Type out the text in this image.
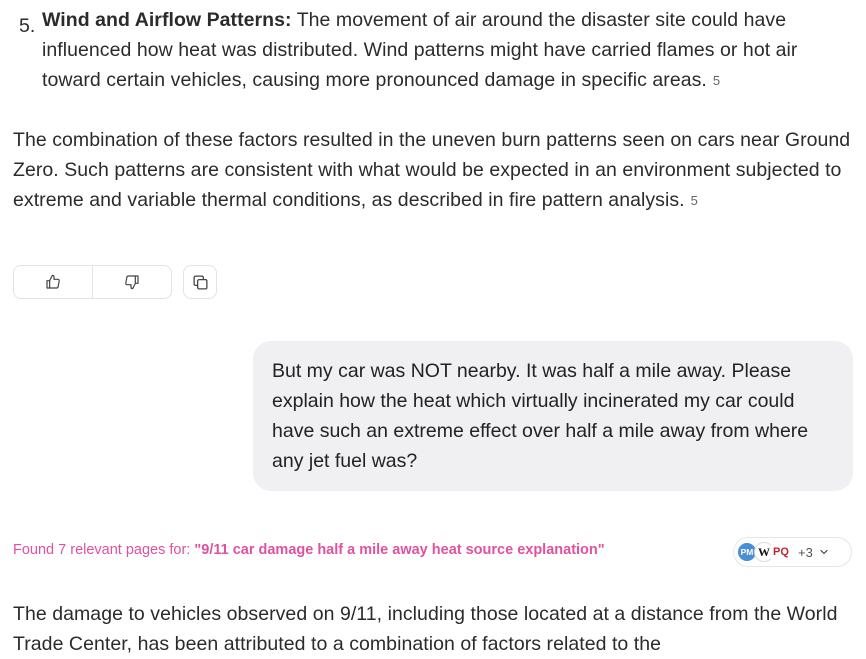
5. Wind and Airflow Patterns: The movement of air around the disaster site could have influenced how heat was distributed. Wind patterns might have carried flames or hot air toward certain vehicles, causing more pronounced damage in specific areas. 5
The combination of these factors resulted in the uneven burn patterns seen on cars near Ground Zero. Such patterns are consistent with what would be expected in an environment subjected to extreme and variable thermal conditions, as described in fire pattern analysis. 5

But my car was NOT nearby. It was half a mile away. Please explain how the heat which virtually incinerated my car could have such an extreme effect over half a mile away from where any jet fuel was?

Found 7 relevant pages for: "9/11 car damage half a mile away heat source explanation"	PM W PQ +3
The damage to vehicles observed on 9/11, including those located at a distance from the World Trade Center, has been attributed to a combination of factors related to the
